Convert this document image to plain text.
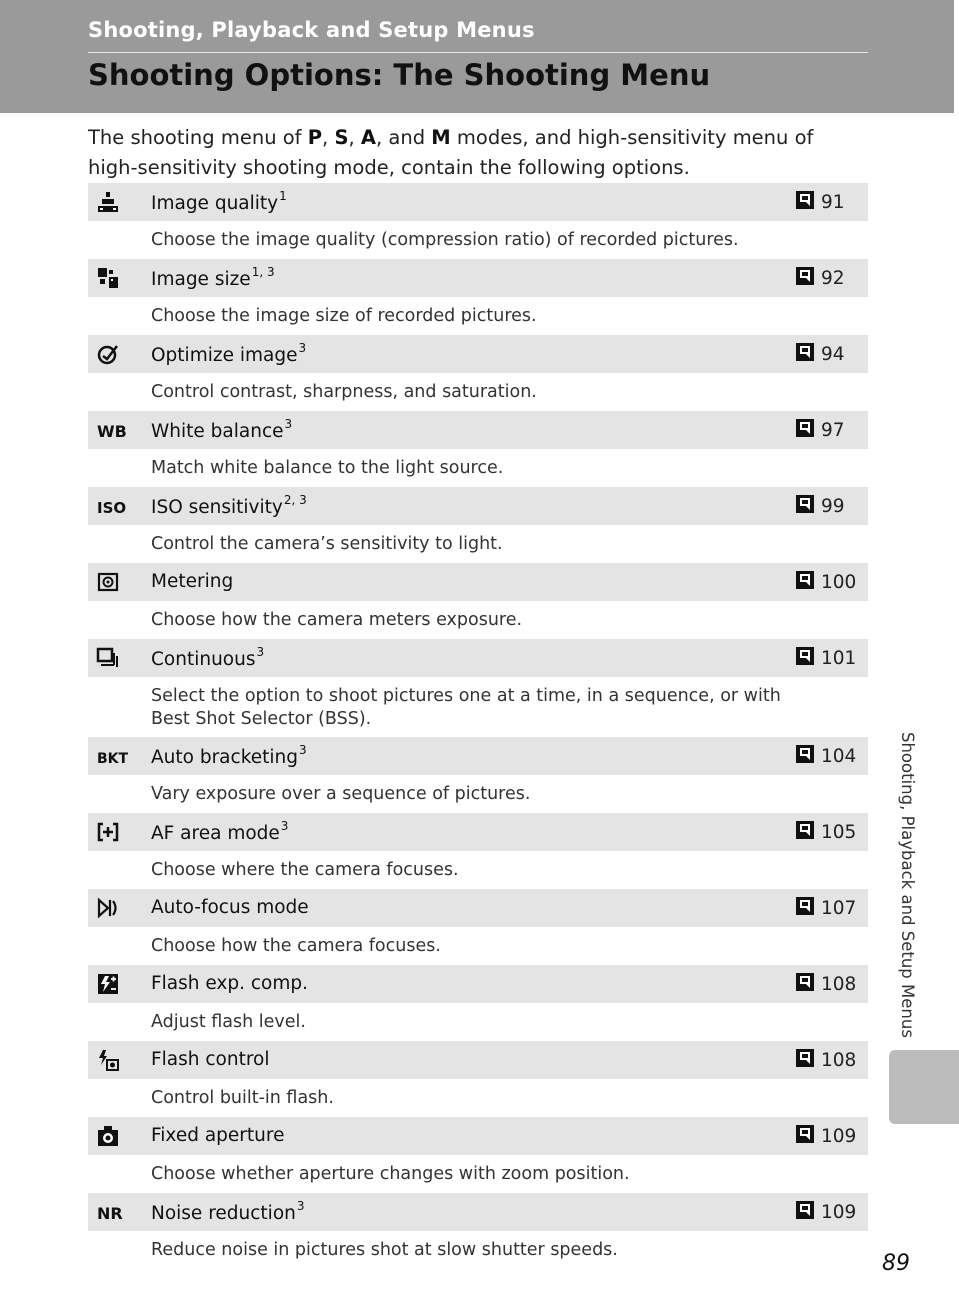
Shooting, Playback and Setup Menus
Shooting Options: The Shooting Menu
The shooting menu of P, S, A, and M modes, and high-sensitivity menu of high-sensitivity shooting mode, contain the following options.
Image quality$^1$	91
Choose the image quality (compression ratio) of recorded pictures.
Image size$^{1, 3}$	92
Choose the image size of recorded pictures.
Optimize image$^3$	94
Control contrast, sharpness, and saturation.
WB White balance$^3$	97
Match white balance to the light source.
ISO ISO sensitivity$^{2, 3}$	99
Control the camera’s sensitivity to light.
Metering	100
Choose how the camera meters exposure.
Continuous$^3$	101
Select the option to shoot pictures one at a time, in a sequence, or with Best Shot Selector (BSS).
BKT Auto bracketing$^3$	104
Vary exposure over a sequence of pictures.
AF area mode$^3$	105
Choose where the camera focuses.
Auto-focus mode	107
Choose how the camera focuses.
Flash exp. comp.	108
Adjust flash level.
Flash control	108
Control built-in flash.
Fixed aperture	109
Choose whether aperture changes with zoom position.
NR Noise reduction$^3$	109
Reduce noise in pictures shot at slow shutter speeds.
Shooting, Playback and Setup Menus
89
